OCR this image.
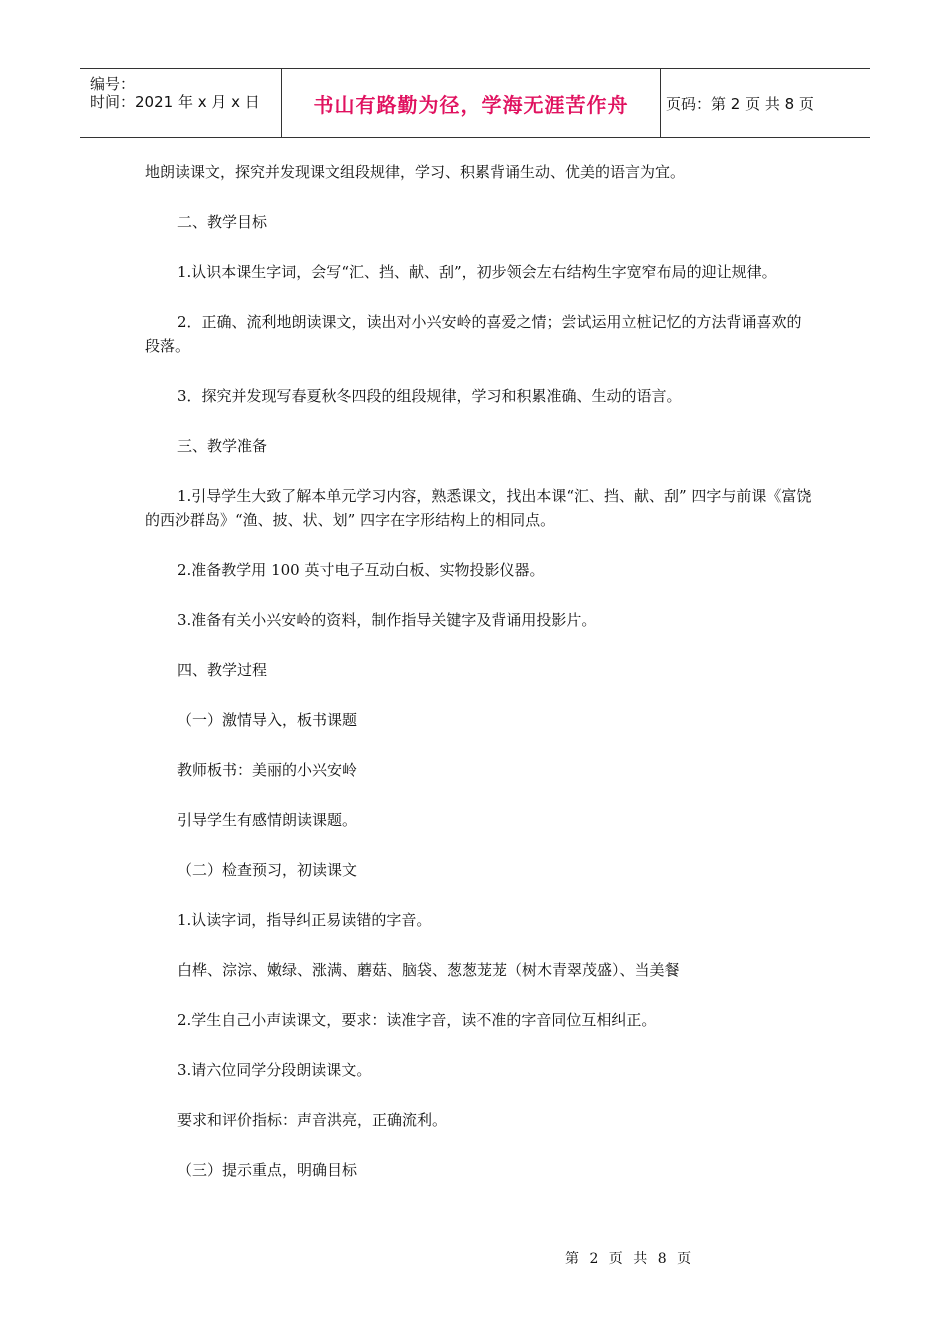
编号：
时间：2021 年 x 月 x 日	书山有路勤为径，学海无涯苦作舟	页码：第 2 页 共 8 页

地朗读课文，探究并发现课文组段规律，学习、积累背诵生动、优美的语言为宜。

二、教学目标

1.认识本课生字词，会写“汇、挡、献、刮”，初步领会左右结构生字宽窄布局的迎让规律。

2．正确、流利地朗读课文，读出对小兴安岭的喜爱之情；尝试运用立桩记忆的方法背诵喜欢的段落。

3．探究并发现写春夏秋冬四段的组段规律，学习和积累准确、生动的语言。

三、教学准备

1.引导学生大致了解本单元学习内容，熟悉课文，找出本课“汇、挡、献、刮” 四字与前课《富饶的西沙群岛》“渔、披、状、划” 四字在字形结构上的相同点。

2.准备教学用 100 英寸电子互动白板、实物投影仪器。

3.准备有关小兴安岭的资料，制作指导关键字及背诵用投影片。

四、教学过程

（一）激情导入，板书课题

教师板书：美丽的小兴安岭

引导学生有感情朗读课题。

（二）检查预习，初读课文

1.认读字词，指导纠正易读错的字音。

白桦、淙淙、嫩绿、涨满、蘑菇、脑袋、葱葱茏茏（树木青翠茂盛）、当美餐

2.学生自己小声读课文，要求：读准字音，读不准的字音同位互相纠正。

3.请六位同学分段朗读课文。

要求和评价指标：声音洪亮，正确流利。

（三）提示重点，明确目标

第 2 页 共 8 页
